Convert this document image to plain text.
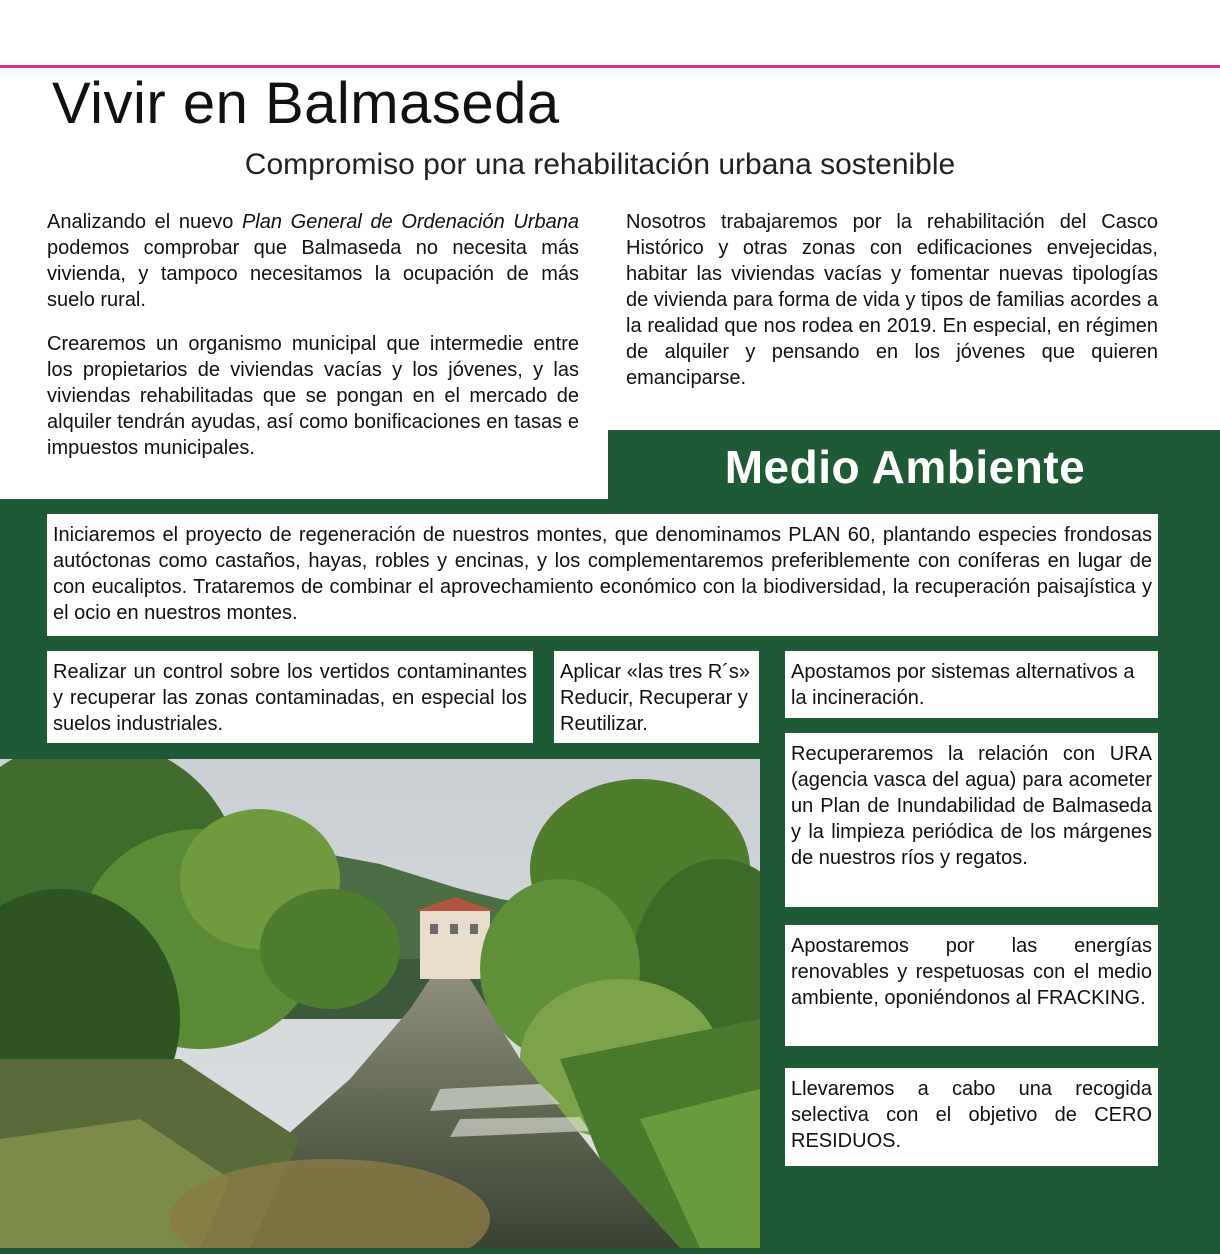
Vivir en Balmaseda
Compromiso por una rehabilitación urbana sostenible

Analizando el nuevo Plan General de Ordenación Urbana podemos comprobar que Balmaseda no necesita más vivienda, y tampoco necesitamos la ocupación de más suelo rural.

Crearemos un organismo municipal que intermedie entre los propietarios de viviendas vacías y los jóvenes, y las viviendas rehabilitadas que se pongan en el mercado de alquiler tendrán ayudas, así como bonificaciones en tasas e impuestos municipales.

Nosotros trabajaremos por la rehabilitación del Casco Histórico y otras zonas con edificaciones envejecidas, habitar las viviendas vacías y fomentar nuevas tipologías de vivienda para forma de vida y tipos de familias acordes a la realidad que nos rodea en 2019. En especial, en régimen de alquiler y pensando en los jóvenes que quieren emanciparse.

Medio Ambiente
Iniciaremos el proyecto de regeneración de nuestros montes, que denominamos PLAN 60, plantando especies frondosas autóctonas como castaños, hayas, robles y encinas, y los complementaremos preferiblemente con coníferas en lugar de con eucaliptos. Trataremos de combinar el aprovechamiento económico con la biodiversidad, la recuperación paisajística y el ocio en nuestros montes.
Realizar un control sobre los vertidos contaminantes y recuperar las zonas contaminadas, en especial los suelos industriales.
Aplicar «las tres R´s» Reducir, Recuperar y Reutilizar.
Apostamos por sistemas alternativos a la incineración.
Recuperaremos la relación con URA (agencia vasca del agua) para acometer un Plan de Inundabilidad de Balmaseda y la limpieza periódica de los márgenes de nuestros ríos y regatos.
Apostaremos por las energías renovables y respetuosas con el medio ambiente, oponiéndonos al FRACKING.
Llevaremos a cabo una recogida selectiva con el objetivo de CERO RESIDUOS.
